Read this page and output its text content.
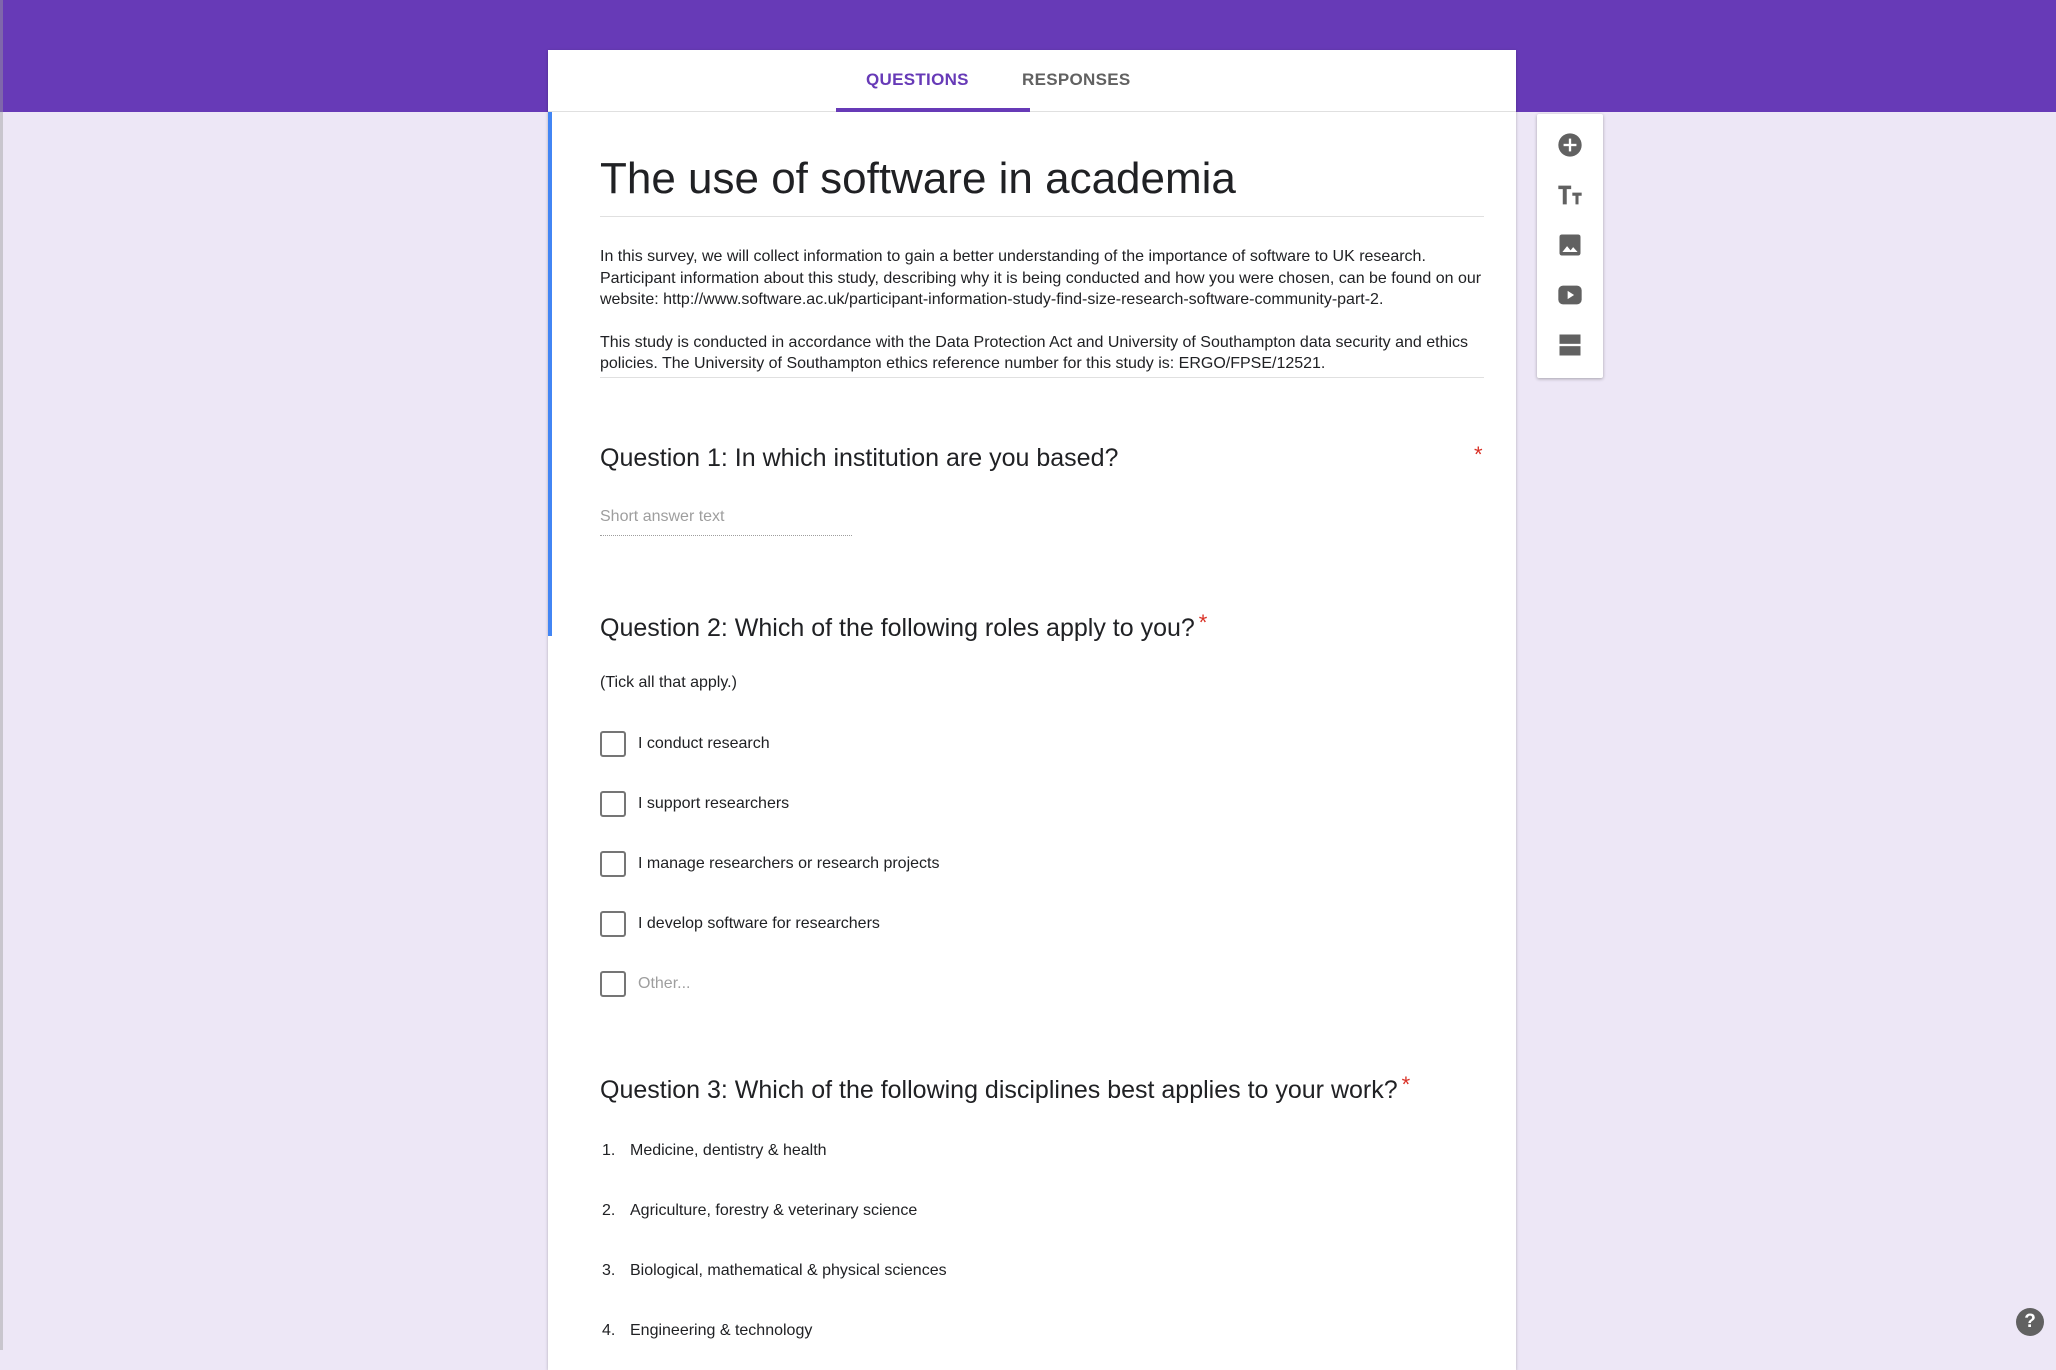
QUESTIONS	RESPONSES
The use of software in academia

In this survey, we will collect information to gain a better understanding of the importance of software to UK research. Participant information about this study, describing why it is being conducted and how you were chosen, can be found on our website: http://www.software.ac.uk/participant-information-study-find-size-research-software-community-part-2.

This study is conducted in accordance with the Data Protection Act and University of Southampton data security and ethics policies. The University of Southampton ethics reference number for this study is: ERGO/FPSE/12521.

Question 1: In which institution are you based?	*
Short answer text
Question 2: Which of the following roles apply to you? *
(Tick all that apply.)
I conduct research
I support researchers
I manage researchers or research projects
I develop software for researchers
Other...
Question 3: Which of the following disciplines best applies to your work? *
1. Medicine, dentistry & health
2. Agriculture, forestry & veterinary science
3. Biological, mathematical & physical sciences
4. Engineering & technology	?
